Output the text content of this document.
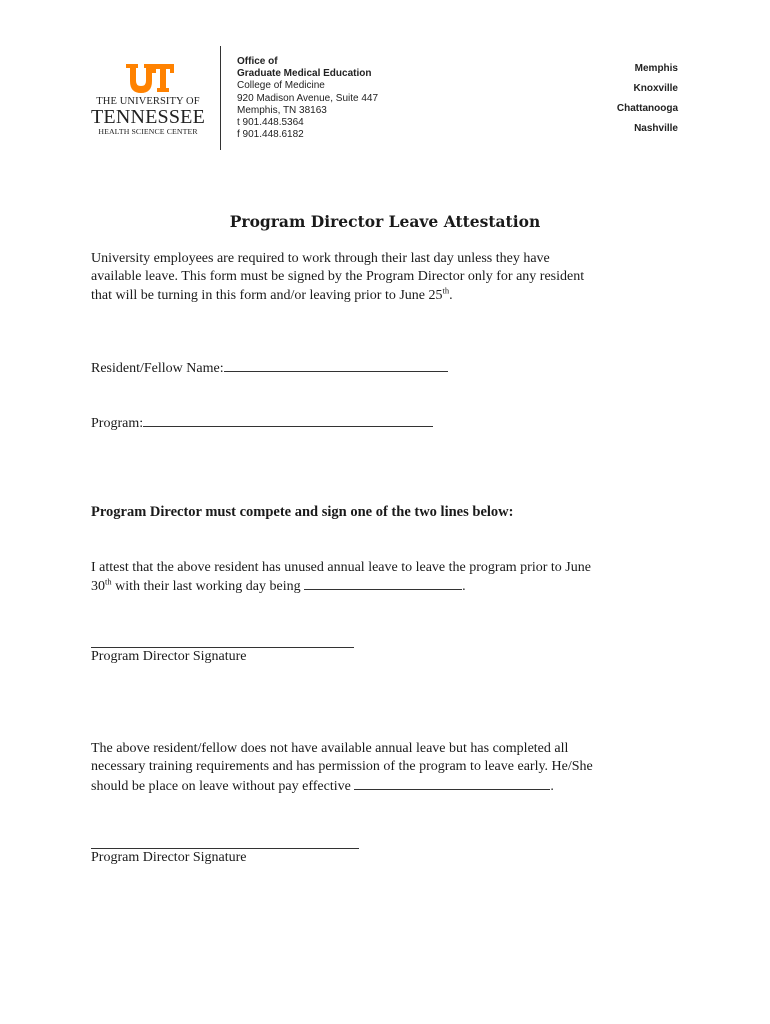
THE UNIVERSITY OF
TENNESSEE
HEALTH SCIENCE CENTER
Office of
Graduate Medical Education
College of Medicine
920 Madison Avenue, Suite 447
Memphis, TN 38163
t 901.448.5364
f 901.448.6182
Memphis
Knoxville
Chattanooga
Nashville
Program Director Leave Attestation
University employees are required to work through their last day unless they have
available leave. This form must be signed by the Program Director only for any resident
that will be turning in this form and/or leaving prior to June 25th.
Resident/Fellow Name:
Program:
Program Director must compete and sign one of the two lines below:
I attest that the above resident has unused annual leave to leave the program prior to June
30th with their last working day being	.
Program Director Signature
The above resident/fellow does not have available annual leave but has completed all
necessary training requirements and has permission of the program to leave early. He/She
should be place on leave without pay effective	.
Program Director Signature
